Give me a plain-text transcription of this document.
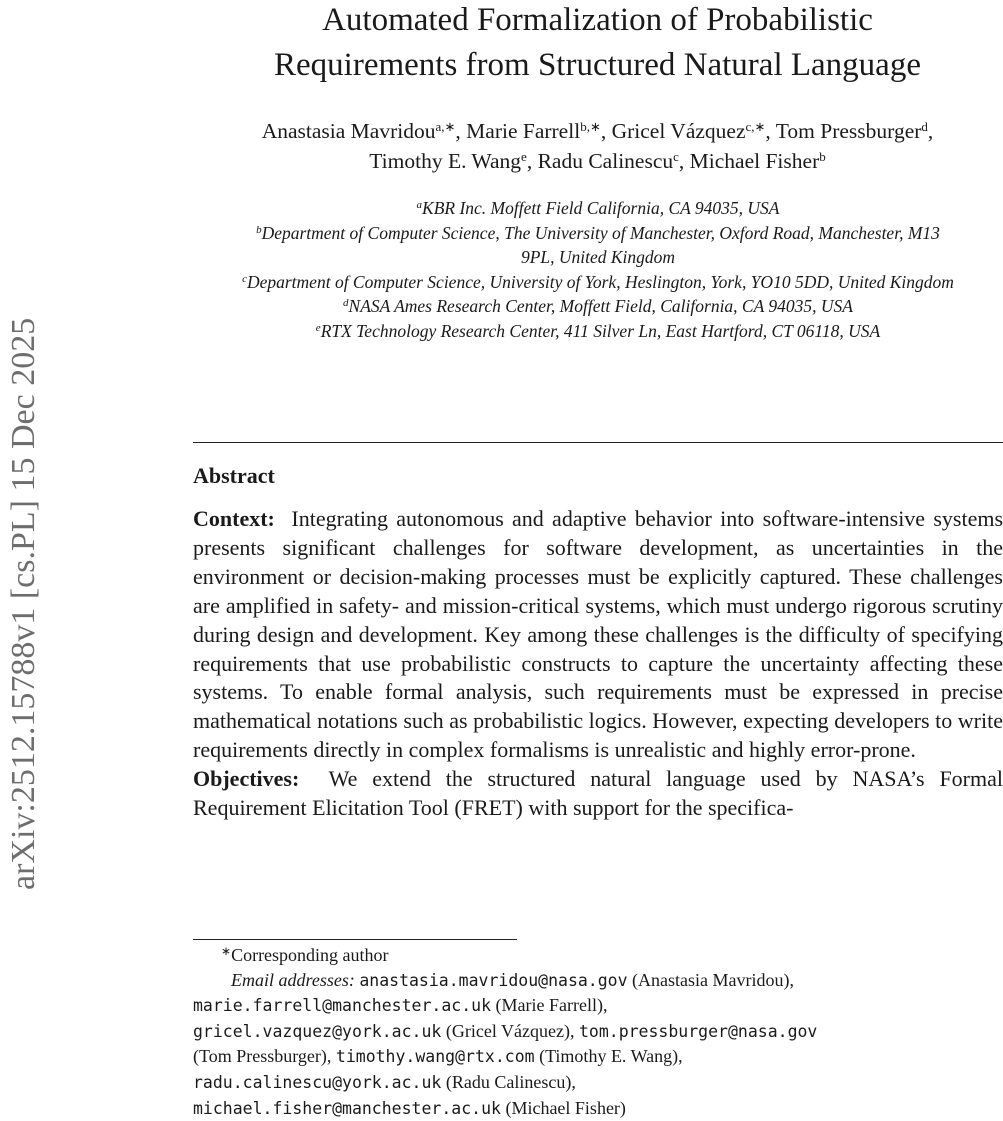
arXiv:2512.15788v1 [cs.PL] 15 Dec 2025
Automated Formalization of Probabilistic
Requirements from Structured Natural Language
Anastasia Mavridou$^{a,∗}$, Marie Farrell$^{b,∗}$, Gricel Vázquez$^{c,∗}$, Tom Pressburger$^d$, Timothy E. Wang$^e$, Radu Calinescu$^c$, Michael Fisher$^b$
$^a$KBR Inc. Moffett Field California, CA 94035, USA
$^b$Department of Computer Science, The University of Manchester, Oxford Road, Manchester, M13 9PL, United Kingdom
$^c$Department of Computer Science, University of York, Heslington, York, YO10 5DD, United Kingdom
$^d$NASA Ames Research Center, Moffett Field, California, CA 94035, USA
$^e$RTX Technology Research Center, 411 Silver Ln, East Hartford, CT 06118, USA
Abstract

Context: Integrating autonomous and adaptive behavior into software-intensive systems presents significant challenges for software development, as uncertainties in the environment or decision-making processes must be explicitly captured. These challenges are amplified in safety- and mission-critical systems, which must undergo rigorous scrutiny during design and development. Key among these challenges is the difficulty of specifying requirements that use probabilistic constructs to capture the uncertainty affecting these systems. To enable formal analysis, such requirements must be expressed in precise mathematical notations such as probabilistic logics. However, expecting developers to write requirements directly in complex formalisms is unrealistic and highly error-prone.

Objectives: We extend the structured natural language used by NASA’s Formal Requirement Elicitation Tool (FRET) with support for the specifica-

∗Corresponding author
Email addresses: anastasia.mavridou@nasa.gov (Anastasia Mavridou),
marie.farrell@manchester.ac.uk (Marie Farrell),
gricel.vazquez@york.ac.uk (Gricel Vázquez), tom.pressburger@nasa.gov
(Tom Pressburger), timothy.wang@rtx.com (Timothy E. Wang),
radu.calinescu@york.ac.uk (Radu Calinescu),
michael.fisher@manchester.ac.uk (Michael Fisher)
